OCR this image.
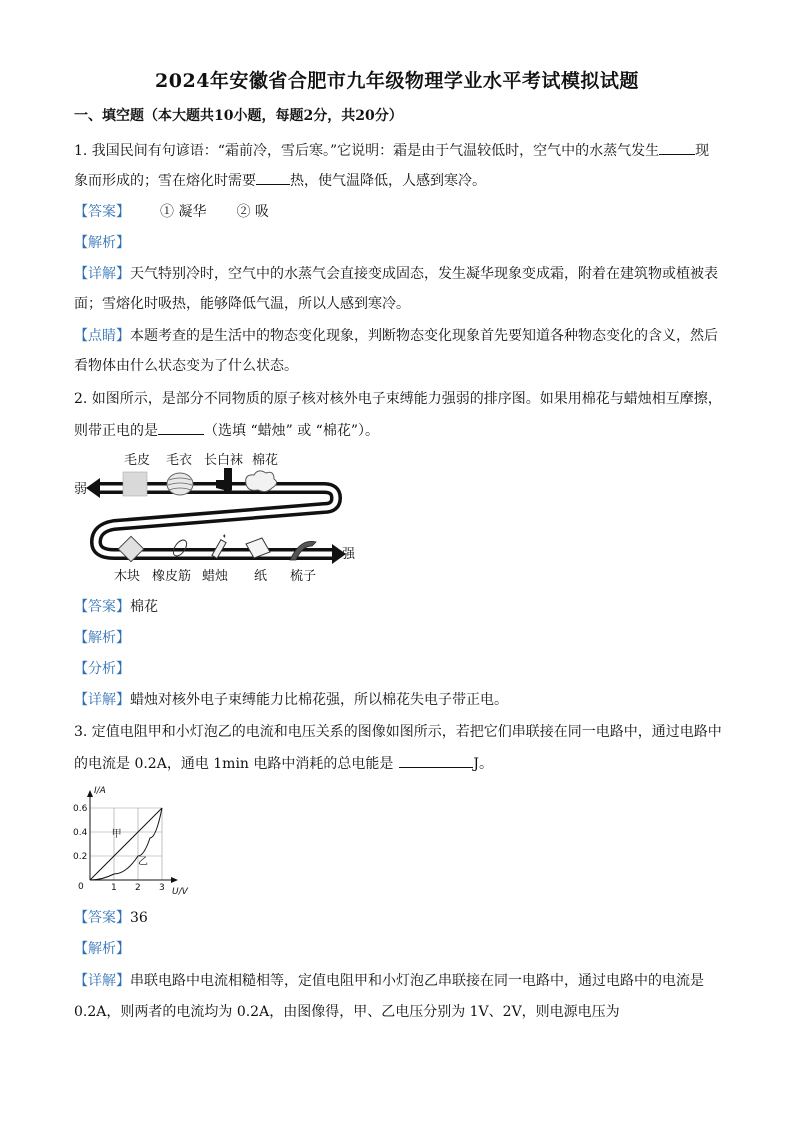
2024年安徽省合肥市九年级物理学业水平考试模拟试题
一、填空题（本大题共10小题，每题2分，共20分）
1. 我国民间有句谚语：“霜前冷，雪后寒。”它说明：霜是由于气温较低时，空气中的水蒸气发生	现
象而形成的；雪在熔化时需要 热，使气温降低，人感到寒冷。
【答案】 ① 凝华 ② 吸
【解析】
【详解】天气特别冷时，空气中的水蒸气会直接变成固态，发生凝华现象变成霜，附着在建筑物或植被表
面；雪熔化时吸热，能够降低气温，所以人感到寒冷。
【点睛】本题考查的是生活中的物态变化现象，判断物态变化现象首先要知道各种物态变化的含义，然后
看物体由什么状态变为了什么状态。
2. 如图所示，是部分不同物质的原子核对核外电子束缚能力强弱的排序图。如果用棉花与蜡烛相互摩擦，
则带正电的是	（选填 “蜡烛” 或 “棉花”）。
弱
强
毛皮 毛衣 长白袜 棉花
木块 橡皮筋 蜡烛 纸 梳子
【答案】棉花
【解析】
【分析】
【详解】蜡烛对核外电子束缚能力比棉花强，所以棉花失电子带正电。
3. 定值电阻甲和小灯泡乙的电流和电压关系的图像如图所示，若把它们串联接在同一电路中，通过电路中
的电流是 0.2A，通电 1min 电路中消耗的总电能是	J。
0	1 2 3
0.2
0.4
0.6
U/V
I/A
甲
乙
【答案】36
【解析】
【详解】串联电路中电流相糙相等，定值电阻甲和小灯泡乙串联接在同一电路中，通过电路中的电流是
0.2A，则两者的电流均为 0.2A，由图像得，甲、乙电压分别为 1V、2V，则电源电压为
